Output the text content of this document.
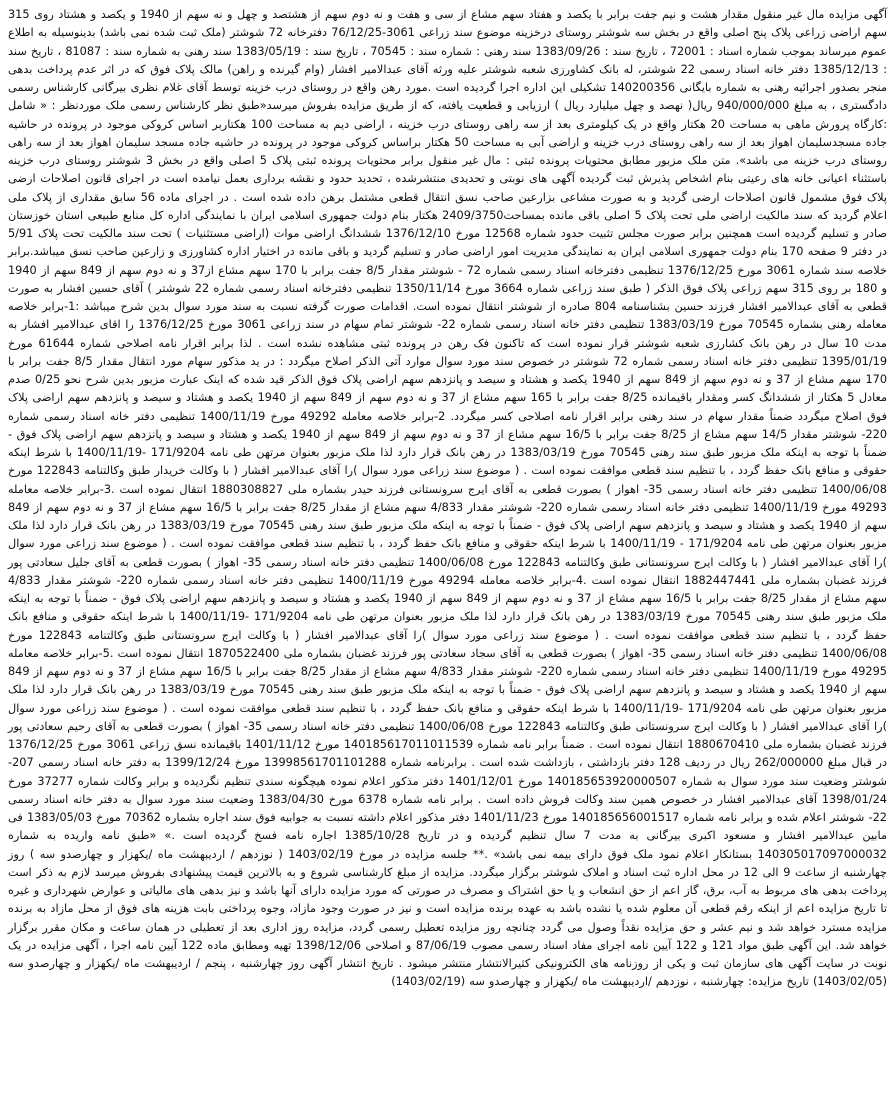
آگهی مزایده مال غیر منقول مقدار هشت و نیم جفت برابر با یکصد و هفتاد سهم مشاع از سی و هفت و نه دوم سهم از هشتصد و چهل و نه سهم از 1940 و یکصد و هشتاد روی 315 سهم اراضی زراعی پلاک پنج اصلی واقع در بخش سه شوشتر روستای درخزینه موضوع سند زراعی 3061-76/12/25 دفترخانه 72 شوشتر (ملک ثبت شده نمی باشد) بدینوسیله به اطلاع عموم میرساند بموجب شماره اسناد : 72001 ، تاریخ سند : 1383/09/26 سند رهنی : شماره سند : 70545 ، تاریخ سند : 1383/05/19 سند رهنی به شماره سند : 81087 ، تاریخ سند : 1385/12/13 دفتر خانه اسناد رسمی 22 شوشتر، له بانک کشاورزی شعبه شوشتر علیه ورثه آقای عبدالامیر افشار (وام گیرنده و راهن) مالک پلاک فوق که در اثر عدم پرداخت بدهی منجر بصدور اجرائیه رهنی به شماره بایگانی 140200356 تشکیلی این اداره اجرا گردیده است .مورد رهن واقع در روستای درب خزینه توسط آقای غلام نظری بیرگانی کارشناس رسمی دادگستری ، به مبلغ 940/000/000 ریال( نهصد و چهل میلیارد ریال ) ارزیابی و قطعیت یافته، که از طریق مزایده بفروش میرسد«طبق نظر کارشناس رسمی ملک موردنظر : « شامل :کارگاه پرورش ماهی به مساحت 20 هکتار واقع در یک کیلومتری بعد از سه راهی روستای درب خزینه ، اراضی دیم به مساحت 100 هکتاربر اساس کروکی موجود در پرونده در حاشیه جاده مسجدسلیمان اهواز بعد از سه راهی روستای درب خزینه و اراضی آبی به مساحت 50 هکتار براساس کروکی موجود در پرونده در حاشیه جاده مسجد سلیمان اهواز بعد از سه راهی روستای درب خزینه می باشد». متن ملک مزبور مطابق محتویات پرونده ثبتی : مال غیر منقول برابر محتویات پرونده ثبتی پلاک 5 اصلی واقع در بخش 3 شوشتر روستای درب خزینه باستثناء اعیانی خانه های رعیتی بنام اشخاص پذیرش ثبت گردیده آگهی های نوبتی و تحدیدی منتشرشده ، تحدید حدود و نقشه برداری بعمل نیامده است در اجرای قانون اصلاحات ارضی پلاک فوق مشمول قانون اصلاحات ارضی گردید و به صورت مشاعی بزارعین صاحب نسق انتقال قطعی مشتمل برهن داده شده است . در اجرای ماده 56 سابق مقداری از پلاک ملی اعلام گردید که سند مالکیت اراضی ملی تحت پلاک 5 اصلی باقی مانده بمساحت2409/3750 هکتار بنام دولت جمهوری اسلامی ایران با نمایندگی اداره کل منابع طبیعی استان خوزستان صادر و تسلیم گردیده است همچنین برابر صورت مجلس تثبیت حدود شماره 12568 مورخ 1376/12/10 ششدانگ اراضی موات (اراضی مستثنیات ) تحت سند مالکیت تحت پلاک 5/91 در دفتر 9 صفحه 170 بنام دولت جمهوری اسلامی ایران به نمایندگی مدیریت امور اراضی صادر و تسلیم گردید و باقی مانده در اختیار اداره کشاورزی و زارعین صاحب نسق میباشد.برابر خلاصه سند شماره 3061 مورخ 1376/12/25 تنظیمی دفترخانه اسناد رسمی شماره 72 - شوشتر مقدار 8/5 جفت برابر با 170 سهم مشاع از37 و نه دوم سهم از 849 سهم از 1940 و 180 بر روی 315 سهم زراعی پلاک فوق الذکر ( طبق سند زراعی شماره 3664 مورخ 1350/11/14 تنظیمی دفترخانه اسناد رسمی شماره 22 شوشتر ) آقای حسین افشار به صورت قطعی به آقای عبدالامیر افشار فرزند حسین بشناسنامه 804 صادره از شوشتر انتقال نموده است. اقدامات صورت گرفته نسبت به سند مورد سوال بدین شرح میباشد :1-برابر خلاصه معامله رهنی بشماره 70545 مورخ 1383/03/19 تنظیمی دفتر خانه اسناد رسمی شماره 22- شوشتر تمام سهام در سند زراعی 3061 مورخ 1376/12/25 را اقای عبدالامیر افشار به مدت 10 سال در رهن بانک کشارزی شعبه شوشتر قرار نموده است که تاکنون فک رهن در پرونده ثبتی مشاهده نشده است . لذا برابر اقرار نامه اصلاحی شماره 61644 مورخ 1395/01/19 تنظیمی دفتر خانه اسناد رسمی شماره 72 شوشتر در خصوص سند مورد سوال موارد آتی الذکر اصلاح میگردد : در ید مذکور سهام مورد انتقال مقدار 8/5 جفت برابر با 170 سهم مشاع از 37 و نه دوم سهم از 849 سهم از 1940 یکصد و هشتاد و سیصد و پانزدهم سهم اراضی پلاک فوق الذکر قید شده که اینک عبارت مزبور بدین شرح نحو 0/25 صدم معادل 5 هکتار از ششدانگ کسر ومقدار باقیمانده 8/25 جفت برابر با 165 سهم مشاع از 37 و نه دوم سهم از 849 سهم از 1940 یکصد و هشتاد و سیصد و پانزدهم سهم اراضی پلاک فوق اصلاح میگردد ضمناً مقدار سهام در سند رهنی برابر اقرار نامه اصلاحی کسر میگردد. 2-برابر خلاصه معامله 49292 مورخ 1400/11/19 تنظیمی دفتر خانه اسناد رسمی شماره 220- شوشتر مقدار 14/5 سهم مشاع از 8/25 جفت برابر با 16/5 سهم مشاع از 37 و نه دوم سهم از 849 سهم از 1940 یکصد و هشتاد و سیصد و پانزدهم سهم اراضی پلاک فوق - ضمناً با توجه به اینکه ملک مزبور طبق سند رهنی 70545 مورخ 1383/03/19 در رهن بانک قرار دارد لذا ملک مزبور بعنوان مرتهن طی نامه 171/9204 -1400/11/19 با شرط اینکه حقوقی و منافع بانک حفظ گردد ، با تنظیم سند قطعی موافقت نموده است . ( موضوع سند زراعی مورد سوال )را آقای عبدالامیر افشار ( با وکالت خریدار طبق وکالتنامه 122843 مورخ 1400/06/08 تنظیمی دفتر خانه اسناد رسمی 35- اهواز ) بصورت قطعی به آقای ایرج سرونستانی فرزند حیدر بشماره ملی 1880308827 انتقال نموده است .3-برابر خلاصه معامله 49293 مورخ 1400/11/19 تنظیمی دفتر خانه اسناد رسمی شماره 220- شوشتر مقدار 4/833 سهم مشاع از مقدار 8/25 جفت برابر با 16/5 سهم مشاع از 37 و نه دوم سهم از 849 سهم از 1940 یکصد و هشتاد و سیصد و پانزدهم سهم اراضی پلاک فوق - ضمناً با توجه به اینکه ملک مزبور طبق سند رهنی 70545 مورخ 1383/03/19 در رهن بانک قرار دارد لذا ملک مزبور بعنوان مرتهن طی نامه 171/9204 - 1400/11/19 با شرط اینکه حقوقی و منافع بانک حفظ گردد ، با تنظیم سند قطعی موافقت نموده است . ( موضوع سند زراعی مورد سوال )را آقای عبدالامیر افشار ( با وکالت ایرج سرونستانی طبق وکالتنامه 122843 مورخ 1400/06/08 تنظیمی دفتر خانه اسناد رسمی 35- اهواز ) بصورت قطعی به آقای جلیل سعادتی پور فرزند غضبان بشماره ملی 1882447441 انتقال نموده است .4-برابر خلاصه معامله 49294 مورخ 1400/11/19 تنظیمی دفتر خانه اسناد رسمی شماره 220- شوشتر مقدار 4/833 سهم مشاع از مقدار 8/25 جفت برابر با 16/5 سهم مشاع از 37 و نه دوم سهم از 849 سهم از 1940 یکصد و هشتاد و سیصد و پانزدهم سهم اراضی پلاک فوق - ضمناً با توجه به اینکه ملک مزبور طبق سند رهنی 70545 مورخ 1383/03/19 در رهن بانک قرار دارد لذا ملک مزبور بعنوان مرتهن طی نامه 171/9204 -1400/11/19 با شرط اینکه حقوقی و منافع بانک حفظ گردد ، با تنظیم سند قطعی موافقت نموده است . ( موضوع سند زراعی مورد سوال )را آقای عبدالامیر افشار ( با وکالت ایرج سرونستانی طبق وکالتنامه 122843 مورخ 1400/06/08 تنظیمی دفتر خانه اسناد رسمی 35- اهواز ) بصورت قطعی به آقای سجاد سعادتی پور فرزند غضبان بشماره ملی 1870522400 انتقال نموده است .5-برابر خلاصه معامله 49295 مورخ 1400/11/19 تنظیمی دفتر خانه اسناد رسمی شماره 220- شوشتر مقدار 4/833 سهم مشاع از مقدار 8/25 جفت برابر با 16/5 سهم مشاع از 37 و نه دوم سهم از 849 سهم از 1940 یکصد و هشتاد و سیصد و پانزدهم سهم اراضی پلاک فوق - ضمناً با توجه به اینکه ملک مزبور طبق سند رهنی 70545 مورخ 1383/03/19 در رهن بانک قرار دارد لذا ملک مزبور بعنوان مرتهن طی نامه 171/9204 -1400/11/19 با شرط اینکه حقوقی و منافع بانک حفظ گردد ، با تنظیم سند قطعی موافقت نموده است . ( موضوع سند زراعی مورد سوال )را آقای عبدالامیر افشار ( با وکالت ایرج سرونستانی طبق وکالتنامه 122843 مورخ 1400/06/08 تنظیمی دفتر خانه اسناد رسمی 35- اهواز ) بصورت قطعی به آقای رحیم سعادتی پور فرزند غضبان بشماره ملی 1880670410 انتقال نموده است . ضمناً برابر نامه شماره 140185617011011539 مورخ 1401/11/12 باقیمانده نسق زراعی 3061 مورخ 1376/12/25 در قبال مبلغ 262/000000 ریال در ردیف 128 دفتر بازداشتی ، بازداشت شده است . برابرنامه شماره 13998561701101288 مورخ 1399/12/24 به دفتر خانه اسناد رسمی 207- شوشتر وضعیت سند مورد سوال به شماره 140185653920000507 مورخ 1401/12/01 دفتر مذکور اعلام نموده هیچگونه سندی تنظیم نگردیده و برابر وکالت شماره 37277 مورخ 1398/01/24 آقای عبدالامیر افشار در خصوص همین سند وکالت فروش داده است . برابر نامه شماره 6378 مورخ 1383/04/30 وضعیت سند مورد سوال به دفتر خانه اسناد رسمی 22- شوشتر اعلام شده و برابر نامه شماره 140185656001517 مورخ 1401/11/23 دفتر مذکور اعلام داشته نسبت به جوابیه فوق سند اجاره بشماره 70362 مورخ 1383/05/03 فی مابین عبدالامیر افشار و مسعود اکبری بیرگانی به مدت 7 سال تنظیم گردیده و در تاریخ 1385/10/28 اجاره نامه فسخ گردیده است .» «طبق نامه واریده به شماره 140305017097000032 بستانکار اعلام نمود ملک فوق دارای بیمه نمی باشد» .** جلسه مزایده در مورخ 1403/02/19 ( نوزدهم / اردیبهشت ماه /یکهزار و چهارصدو سه ) روز چهارشنبه از ساعت 9 الی 12 در محل اداره ثبت اسناد و املاک شوشتر برگزار میگردد. مزایده از مبلغ کارشناسی شروع و به بالاترین قیمت پیشنهادی بفروش میرسد لازم به ذکر است پرداخت بدهی های مربوط به آب، برق، گاز اعم از حق انشعاب و یا حق اشتراک و مصرف در صورتی که مورد مزایده دارای آنها باشد و نیز بدهی های مالیاتی و عوارض شهرداری و غیره تا تاریخ مزایده اعم از اینکه رقم قطعی آن معلوم شده یا نشده باشد به عهده برنده مزایده است و نیز در صورت وجود مازاد، وجوه پرداختی بابت هزینه های فوق از محل مازاد به برنده مزایده مسترد خواهد شد و نیم عشر و حق مزایده نقداً وصول می گردد چنانچه روز مزایده تعطیل رسمی گردد، مزایده روز اداری بعد از تعطیلی در همان ساعت و مکان مقرر برگزار خواهد شد. این آگهی طبق مواد 121 و 122 آیین نامه اجرای مفاد اسناد رسمی مصوب 87/06/19 و اصلاحی 1398/12/06 تهیه ومطابق ماده 122 آیین نامه اجرا ، آگهی مزایده در یک نوبت در سایت آگهی های سازمان ثبت و یکی از روزنامه های الکترونیکی کثیرالانتشار منتشر میشود . تاریخ انتشار آگهی روز چهارشنبه ، پنجم / اردیبهشت ماه /یکهزار و چهارصدو سه (1403/02/05) تاریخ مزایده: چهارشنبه ، نوزدهم /اردیبهشت ماه /یکهزار و چهارصدو سه (1403/02/19)
